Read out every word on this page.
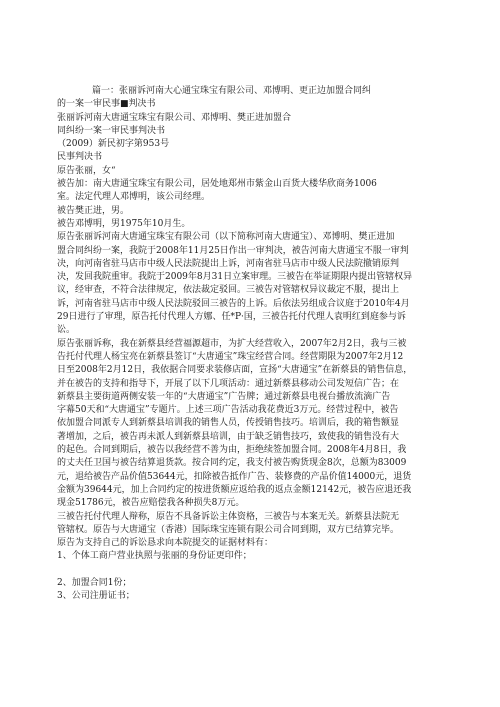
篇一：张丽诉河南大心通宝珠宝有限公司、邓博明、更正边加盟合同纠

的一案一审民事■判决书

张丽诉河南大唐通宝珠宝有限公司、邓博明、樊正进加盟合

同纠纷一案一审民事判决书

（2009）新民初字第953号

民事判决书

原告张丽，女“

被告加：南大唐通宝珠宝有限公司，居处地郑州市紫金山百货大楼华欣商务1006

室。法定代理人邓博明，该公司经理。

被告樊正进，男。

被告邓博明，男1975年10月生。

原告张丽诉河南大唐通宝珠宝有限公司（以下简称河南大唐通宝）、邓博明、樊正进加

盟合同纠纷一案，我院于2008年11月25日作出一审判决，被告河南大唐通宝不服一审判

决，向河南省驻马店市中级人民法院提出上诉，河南省驻马店市中级人民法院撤销原判

决，发回我院重审。我院于2009年8月31日立案审理。三被告在举证期限内提出管辖权异

议，经审查，不符合法律规定，依法裁定驳回。三被告对管辖权异议裁定不服，提出上

诉，河南省驻马店市中级人民法院驳回三被告的上诉。后依法另组成合议庭于2010年4月

29日进行了审理，原告托付代理人方娜、任*P·国，三被告托付代理人袁明红到庭参与诉

讼。

原告张丽诉称，我在新蔡县经营福源超市，为扩大经营收入，2007年2月2日，我与三被

告托付代理人杨宝亮在新蔡县签订“大唐通宝”珠宝经营合同。经营期限为2007年2月12

日至2008年2月12日，我依据合同要求装修店面，宣扬“大唐通宝”在新蔡县的销售信息，

并在被告的支持和指导下，开展了以下几项活动：通过新蔡县移动公司发短信广告；在

新蔡县主要街道两侧安装一年的“大唐通宝”广告牌；通过新蔡县电视台播放流滴广告

字幕50天和“大唐通宝”专题片。上述三项广告活动我花费近3万元。经营过程中，被告

依加盟合同派专人到新蔡县培训我的销售人员，传授销售技巧。培训后，我的箱售额显

著增加，之后，被告再未派人到新蔡县培训，由于缺乏销售技巧，致使我的销售没有大

的起色。合同到期后，被告以我经营不善为由，拒绝续签加盟合同。2008年4月8日，我

的丈夫任卫国与被告结算退货款。按合同约定，我支付被告购货现金8次，总额为83009

元，退给被告产品价值53644元，扣除被告抵作广告、装修费的产品价值14000元，退货

金额为39644元，加上合同约定的按进货额应返给我的返点金额12142元，被告应退还我

现金51786元，被告应赔偿我各种损失8万元。

三被告托付代理人辩称，原告不具备诉讼主体资格，三被告与本案无关。新蔡县法院无

管辖权。原告与大唐通宝（香港）国际珠宝连锁有限公司合同到期，双方已结算完毕。

原告为支持自己的诉讼恳求向本院提交的证据材料有：

1、个体工商户营业执照与张丽的身份证更印件；

2、加盟合同1份；

3、公司注册证书；
